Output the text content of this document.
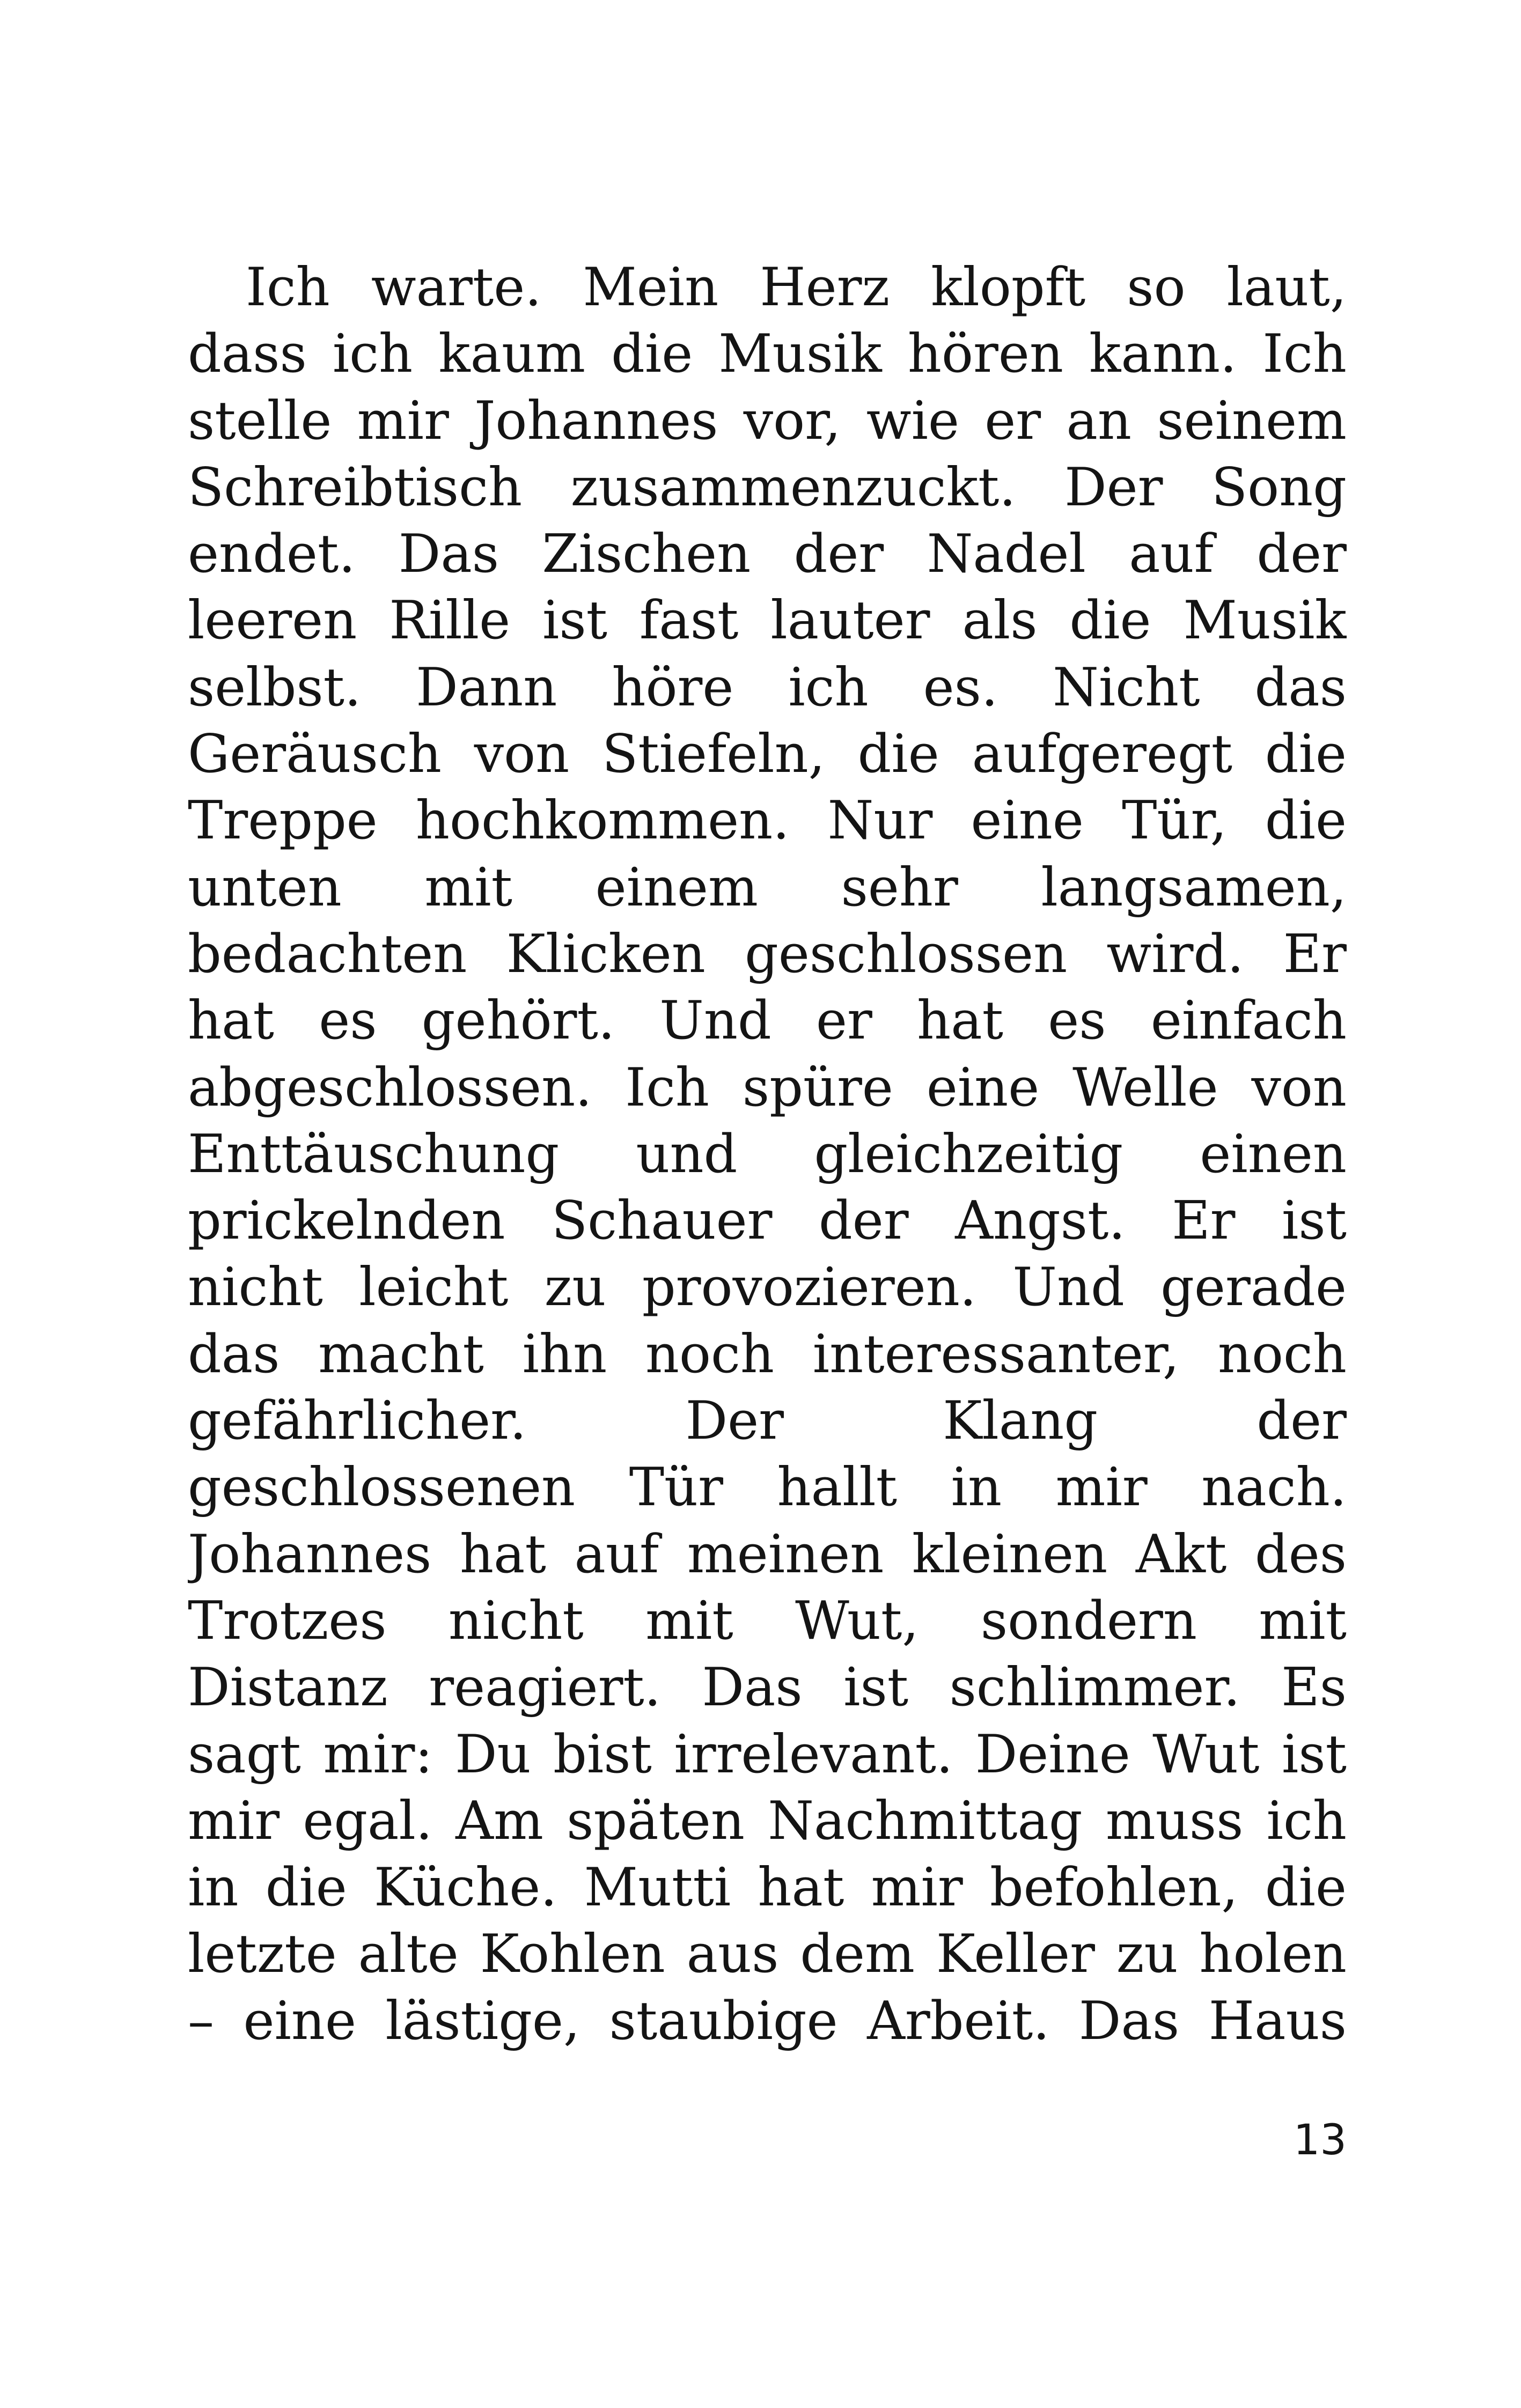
Ich warte. Mein Herz klopft so laut,
dass ich kaum die Musik hören kann. Ich
stelle mir Johannes vor, wie er an seinem
Schreibtisch zusammenzuckt. Der Song
endet. Das Zischen der Nadel auf der
leeren Rille ist fast lauter als die Musik
selbst. Dann höre ich es. Nicht das
Geräusch von Stiefeln, die aufgeregt die
Treppe hochkommen. Nur eine Tür, die
unten mit einem sehr langsamen,
bedachten Klicken geschlossen wird. Er
hat es gehört. Und er hat es einfach
abgeschlossen. Ich spüre eine Welle von
Enttäuschung und gleichzeitig einen
prickelnden Schauer der Angst. Er ist
nicht leicht zu provozieren. Und gerade
das macht ihn noch interessanter, noch
gefährlicher. Der Klang der
geschlossenen Tür hallt in mir nach.
Johannes hat auf meinen kleinen Akt des
Trotzes nicht mit Wut, sondern mit
Distanz reagiert. Das ist schlimmer. Es
sagt mir: Du bist irrelevant. Deine Wut ist
mir egal. Am späten Nachmittag muss ich
in die Küche. Mutti hat mir befohlen, die
letzte alte Kohlen aus dem Keller zu holen
– eine lästige, staubige Arbeit. Das Haus
13
